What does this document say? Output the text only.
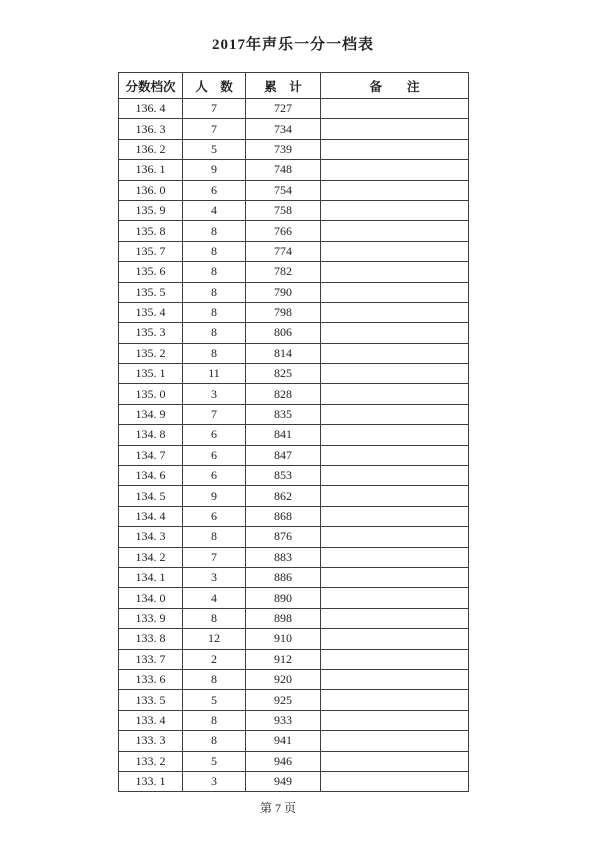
2017年声乐一分一档表
分数档次	人　数	累　计	备　　注
136. 4	7	727	
136. 3	7	734	
136. 2	5	739	
136. 1	9	748	
136. 0	6	754	
135. 9	4	758	
135. 8	8	766	
135. 7	8	774	
135. 6	8	782	
135. 5	8	790	
135. 4	8	798	
135. 3	8	806	
135. 2	8	814	
135. 1	11	825	
135. 0	3	828	
134. 9	7	835	
134. 8	6	841	
134. 7	6	847	
134. 6	6	853	
134. 5	9	862	
134. 4	6	868	
134. 3	8	876	
134. 2	7	883	
134. 1	3	886	
134. 0	4	890	
133. 9	8	898	
133. 8	12	910	
133. 7	2	912	
133. 6	8	920	
133. 5	5	925	
133. 4	8	933	
133. 3	8	941	
133. 2	5	946	
133. 1	3	949	

第 7 页
